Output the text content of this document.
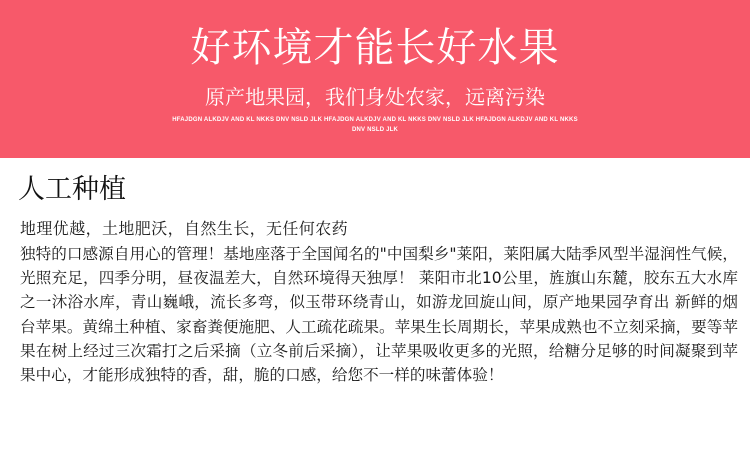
好环境才能长好水果
原产地果园，我们身处农家，远离污染
HFAJDGN ALKDJV AND KL NKKS DNV NSLD JLK HFAJDGN ALKDJV AND KL NKKS DNV NSLD JLK HFAJDGN ALKDJV AND KL NKKS DNV NSLD JLK
人工种植
地理优越，土地肥沃，自然生长，无任何农药
独特的口感源自用心的管理！基地座落于全国闻名的"中国梨乡"莱阳，莱阳属大陆季风型半湿润性气候，光照充足，四季分明，昼夜温差大，自然环境得天独厚！ 莱阳市北10公里，旌旗山东麓，胶东五大水库之一沐浴水库，青山巍峨，流长多弯，似玉带环绕青山，如游龙回旋山间，原产地果园孕育出 新鲜的烟台苹果。黄绵土种植、家畜粪便施肥、人工疏花疏果。苹果生长周期长，苹果成熟也不立刻采摘，要等苹果在树上经过三次霜打之后采摘（立冬前后采摘），让苹果吸收更多的光照，给糖分足够的时间凝聚到苹果中心，才能形成独特的香，甜，脆的口感，给您不一样的味蕾体验！
